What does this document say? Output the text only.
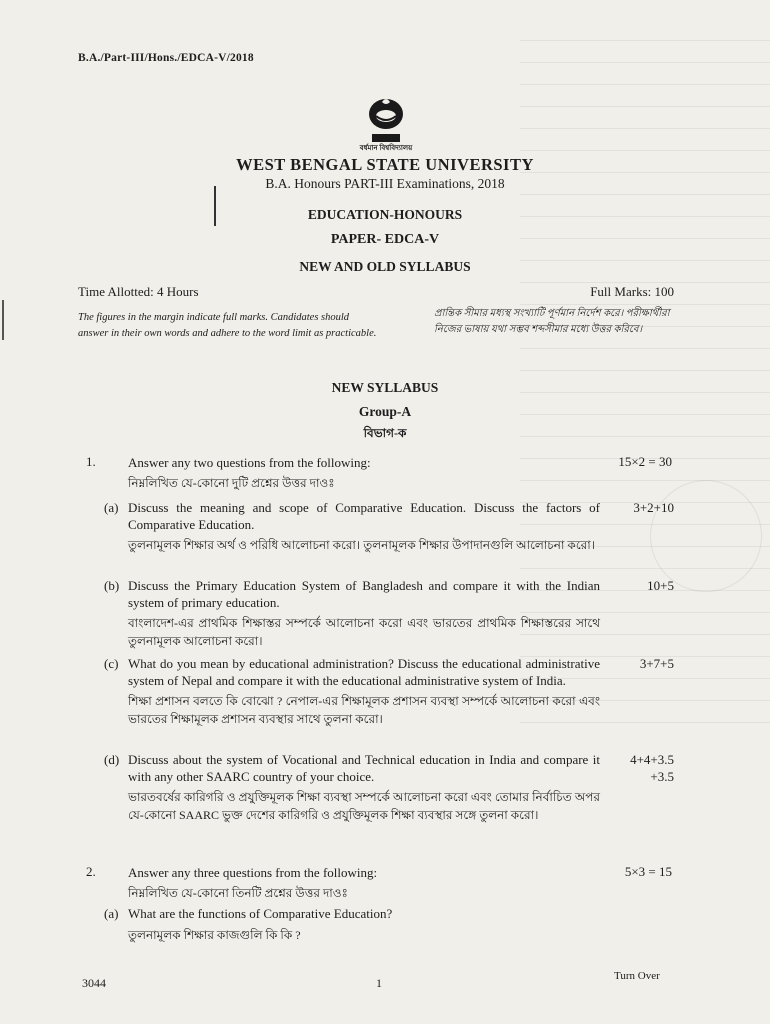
B.A./Part-III/Hons./EDCA-V/2018
বর্ধমান বিশ্ববিদ্যালয়
WEST BENGAL STATE UNIVERSITY
B.A. Honours PART-III Examinations, 2018
EDUCATION-HONOURS
PAPER- EDCA-V
NEW AND OLD SYLLABUS
Time Allotted: 4 Hours	Full Marks: 100
The figures in the margin indicate full marks. Candidates should answer in their own words and adhere to the word limit as practicable.
প্রান্তিক সীমার মধ্যস্থ সংখ্যাটি পূর্ণমান নির্দেশ করে। পরীক্ষার্থীরা নিজের ভাষায় যথা সম্ভব শব্দসীমার মধ্যে উত্তর করিবে।
NEW SYLLABUS
Group-A
বিভাগ-ক
1. Answer any two questions from the following:
নিম্নলিখিত যে-কোনো দুটি প্রশ্নের উত্তর দাওঃ
15×2 = 30
(a) Discuss the meaning and scope of Comparative Education. Discuss the factors of Comparative Education.
তুলনামূলক শিক্ষার অর্থ ও পরিধি আলোচনা করো। তুলনামূলক শিক্ষার উপাদানগুলি আলোচনা করো।
3+2+10
(b) Discuss the Primary Education System of Bangladesh and compare it with the Indian system of primary education.
বাংলাদেশ-এর প্রাথমিক শিক্ষাস্তর সম্পর্কে আলোচনা করো এবং ভারতের প্রাথমিক শিক্ষাস্তরের সাথে তুলনামূলক আলোচনা করো।
10+5
(c) What do you mean by educational administration? Discuss the educational administrative system of Nepal and compare it with the educational administrative system of India.
শিক্ষা প্রশাসন বলতে কি বোঝো ? নেপাল-এর শিক্ষামূলক প্রশাসন ব্যবস্থা সম্পর্কে আলোচনা করো এবং ভারতের শিক্ষামূলক প্রশাসন ব্যবস্থার সাথে তুলনা করো।
3+7+5
(d) Discuss about the system of Vocational and Technical education in India and compare it with any other SAARC country of your choice.
ভারতবর্ষের কারিগরি ও প্রযুক্তিমূলক শিক্ষা ব্যবস্থা সম্পর্কে আলোচনা করো এবং তোমার নির্বাচিত অপর যে-কোনো SAARC ভুক্ত দেশের কারিগরি ও প্রযুক্তিমূলক শিক্ষা ব্যবস্থার সঙ্গে তুলনা করো।
4+4+3.5 +3.5
2. Answer any three questions from the following:
নিম্নলিখিত যে-কোনো তিনটি প্রশ্নের উত্তর দাওঃ
5×3 = 15
(a) What are the functions of Comparative Education?
তুলনামূলক শিক্ষার কাজগুলি কি কি ?
3044	1	Turn Over
